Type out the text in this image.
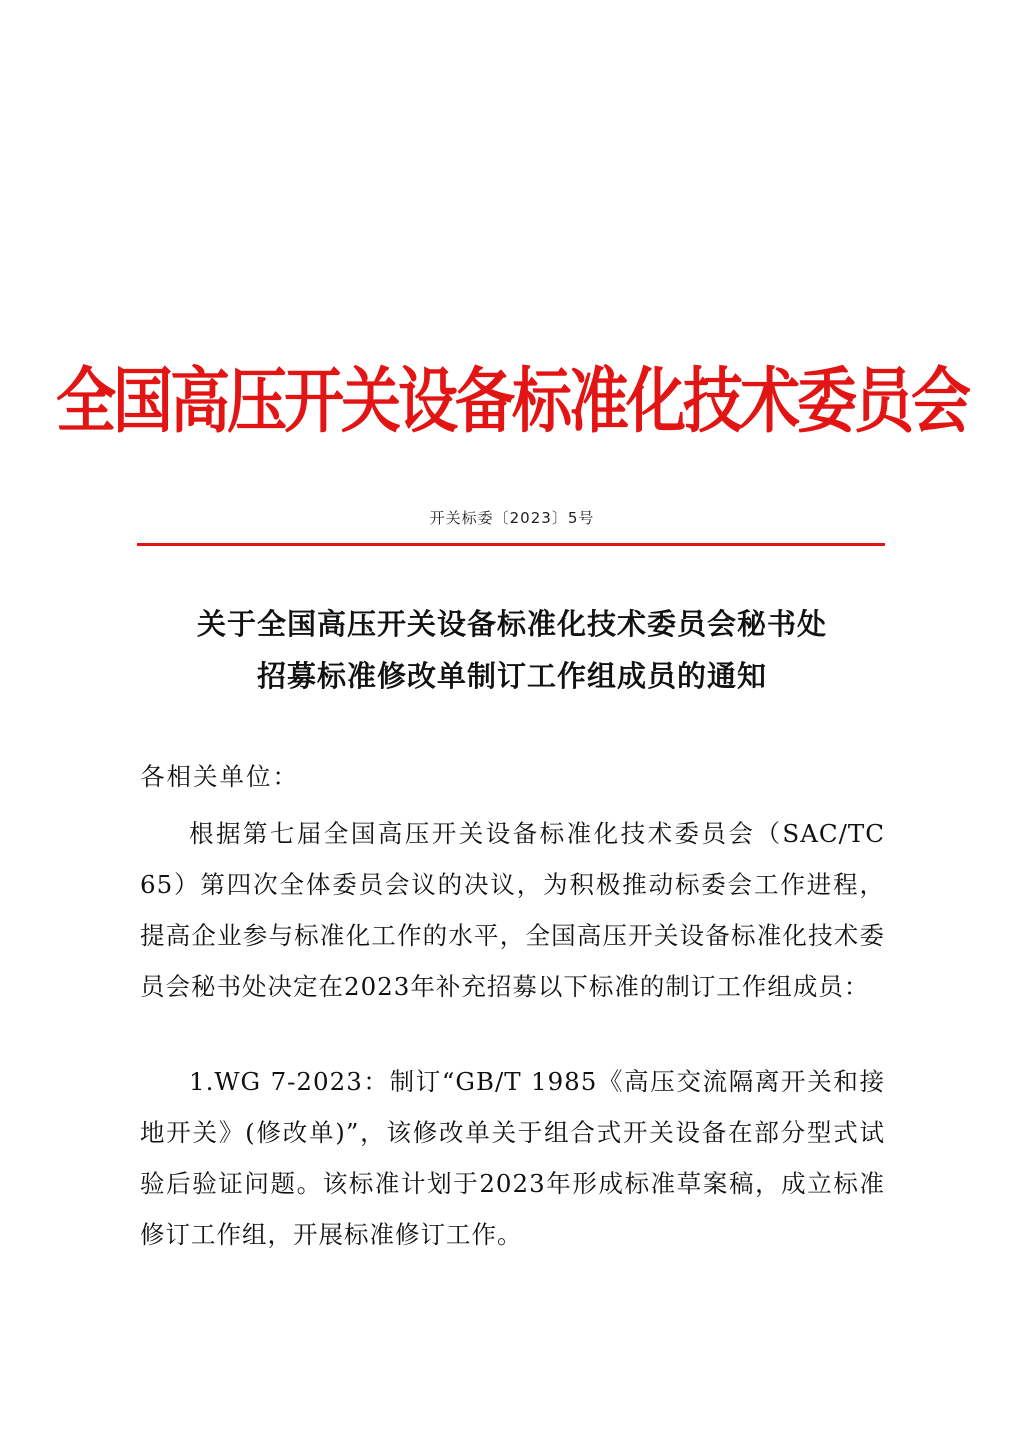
全国高压开关设备标准化技术委员会
开关标委〔2023〕5号
关于全国高压开关设备标准化技术委员会秘书处
招募标准修改单制订工作组成员的通知
各相关单位：
根据第七届全国高压开关设备标准化技术委员会（SAC/TC 65）第四次全体委员会议的决议，为积极推动标委会工作进程，提高企业参与标准化工作的水平，全国高压开关设备标准化技术委员会秘书处决定在2023年补充招募以下标准的制订工作组成员：
1.WG 7-2023：制订“GB/T 1985《高压交流隔离开关和接地开关》(修改单)”，该修改单关于组合式开关设备在部分型式试验后验证问题。该标准计划于2023年形成标准草案稿，成立标准修订工作组，开展标准修订工作。
